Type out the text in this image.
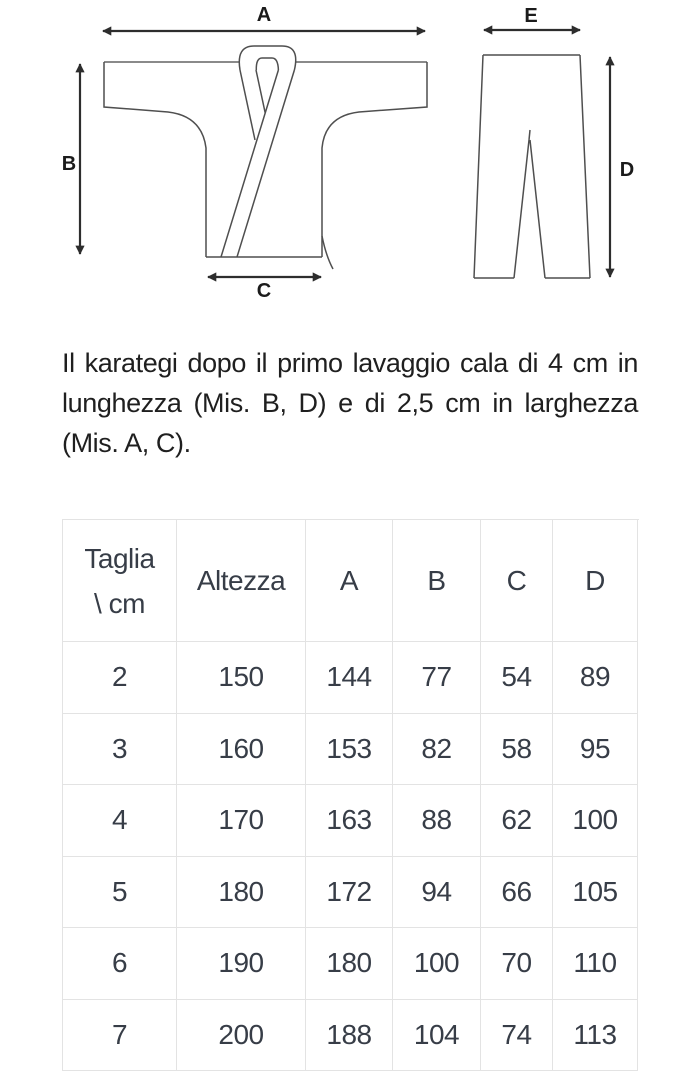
A
B
C
E
D

Il karategi dopo il primo lavaggio cala di 4 cm in lunghezza (Mis. B, D) e di 2,5 cm in larghezza (Mis. A, C).

Taglia
\ cm
Altezza	A	B	C	D
2	150	144	77	54	89
3	160	153	82	58	95
4	170	163	88	62	100
5	180	172	94	66	105
6	190	180	100	70	110
7	200	188	104	74	113
